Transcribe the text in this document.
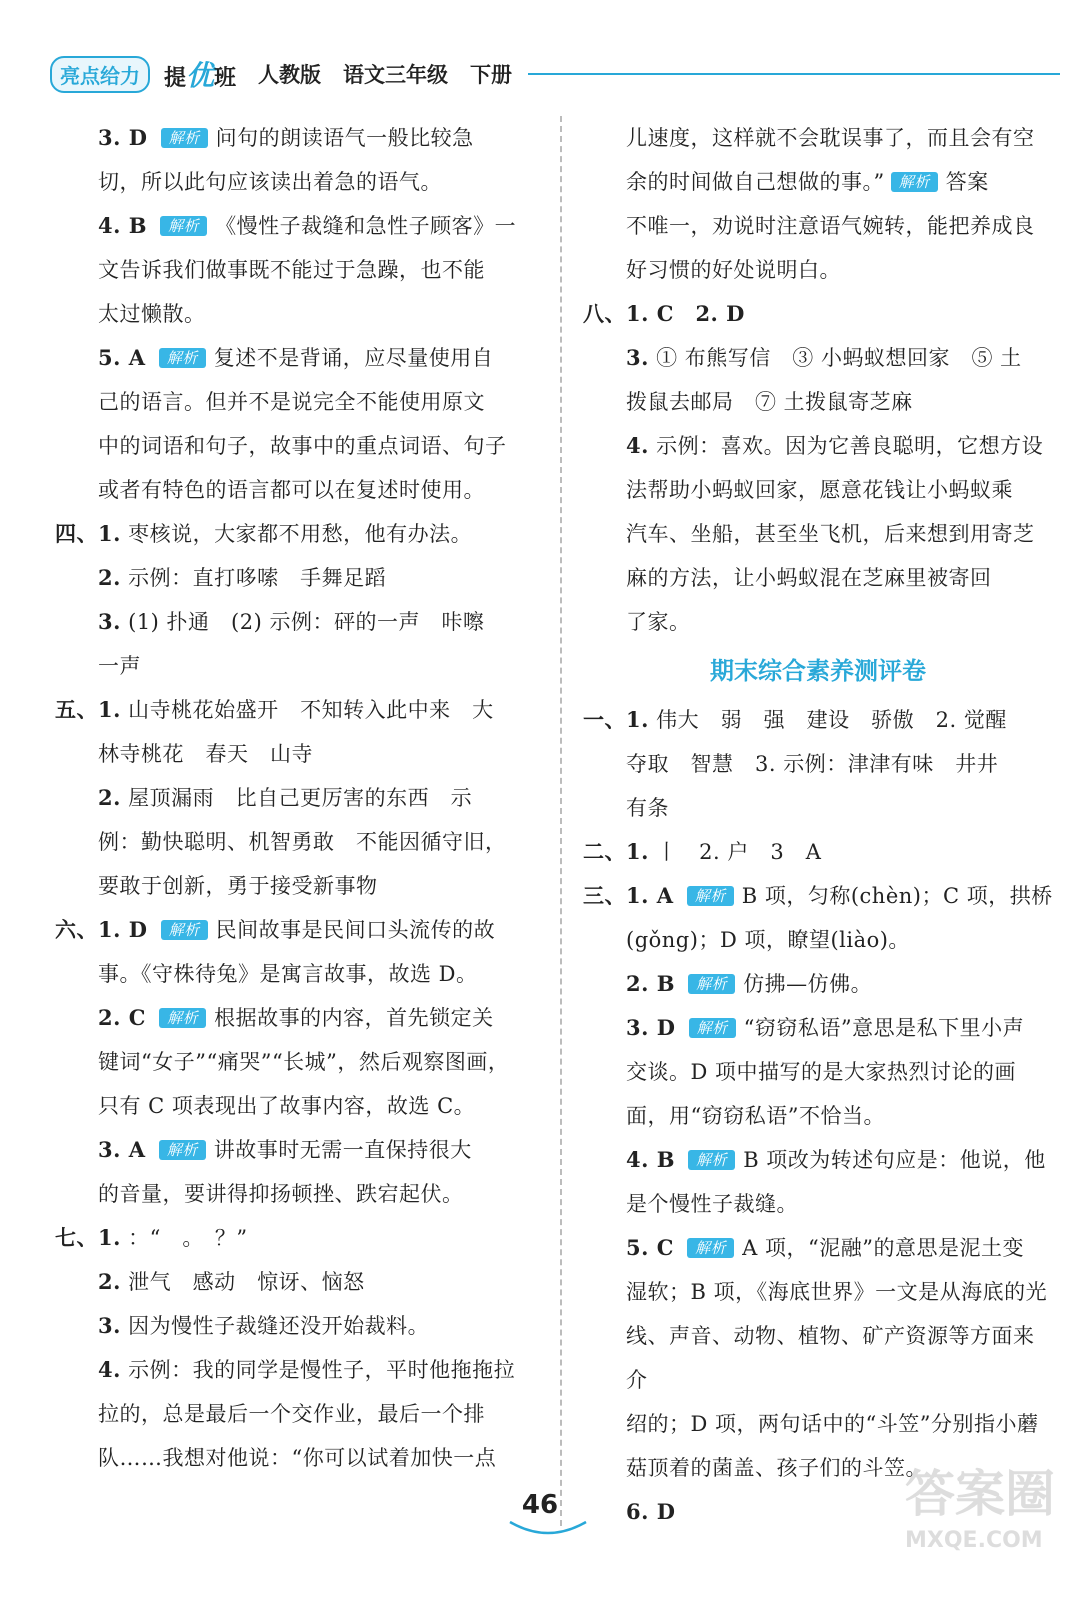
亮点给力	提优班 人教版 语文三年级 下册

3. D 解析 问句的朗读语气一般比较急

切，所以此句应该读出着急的语气。

4. B 解析 《慢性子裁缝和急性子顾客》一

文告诉我们做事既不能过于急躁，也不能

太过懒散。

5. A 解析 复述不是背诵，应尽量使用自

己的语言。但并不是说完全不能使用原文

中的词语和句子，故事中的重点词语、句子

或者有特色的语言都可以在复述时使用。

四、1. 枣核说，大家都不用愁，他有办法。

2. 示例：直打哆嗦　手舞足蹈

3. (1) 扑通　(2) 示例：砰的一声　咔嚓

一声

五、1. 山寺桃花始盛开　不知转入此中来　大

林寺桃花　春天　山寺

2. 屋顶漏雨　比自己更厉害的东西　示

例：勤快聪明、机智勇敢　不能因循守旧，

要敢于创新，勇于接受新事物

六、1. D 解析 民间故事是民间口头流传的故

事。《守株待兔》是寓言故事，故选 D。

2. C 解析 根据故事的内容，首先锁定关

键词“女子”“痛哭”“长城”，然后观察图画，

只有 C 项表现出了故事内容，故选 C。

3. A 解析 讲故事时无需一直保持很大

的音量，要讲得抑扬顿挫、跌宕起伏。

七、1. ：“　。　？”

2. 泄气　感动　惊讶、恼怒

3. 因为慢性子裁缝还没开始裁料。

4. 示例：我的同学是慢性子，平时他拖拖拉

拉的，总是最后一个交作业，最后一个排

队……我想对他说：“你可以试着加快一点

儿速度，这样就不会耽误事了，而且会有空

余的时间做自己想做的事。” 解析 答案

不唯一，劝说时注意语气婉转，能把养成良

好习惯的好处说明白。

八、1. C　2. D

3. ① 布熊写信　③ 小蚂蚁想回家　⑤ 土

拨鼠去邮局　⑦ 土拨鼠寄芝麻

4. 示例：喜欢。因为它善良聪明，它想方设

法帮助小蚂蚁回家，愿意花钱让小蚂蚁乘

汽车、坐船，甚至坐飞机，后来想到用寄芝

麻的方法，让小蚂蚁混在芝麻里被寄回

了家。

期末综合素养测评卷

一、1. 伟大　弱　强　建设　骄傲　2. 觉醒

夺取　智慧　3. 示例：津津有味　井井

有条

二、1. 丨　2. 户　3　A

三、1. A 解析 B 项，匀称(chèn)；C 项，拱桥

(gǒng)；D 项，瞭望(liào)。

2. B 解析 仿拂—仿佛。

3. D 解析 “窃窃私语”意思是私下里小声

交谈。D 项中描写的是大家热烈讨论的画

面，用“窃窃私语”不恰当。

4. B 解析 B 项改为转述句应是：他说，他

是个慢性子裁缝。

5. C 解析 A 项，“泥融”的意思是泥土变

湿软；B 项，《海底世界》一文是从海底的光

线、声音、动物、植物、矿产资源等方面来介

绍的；D 项，两句话中的“斗笠”分别指小蘑

菇顶着的菌盖、孩子们的斗笠。

6. D

46	答案圈
MXQE.COM
